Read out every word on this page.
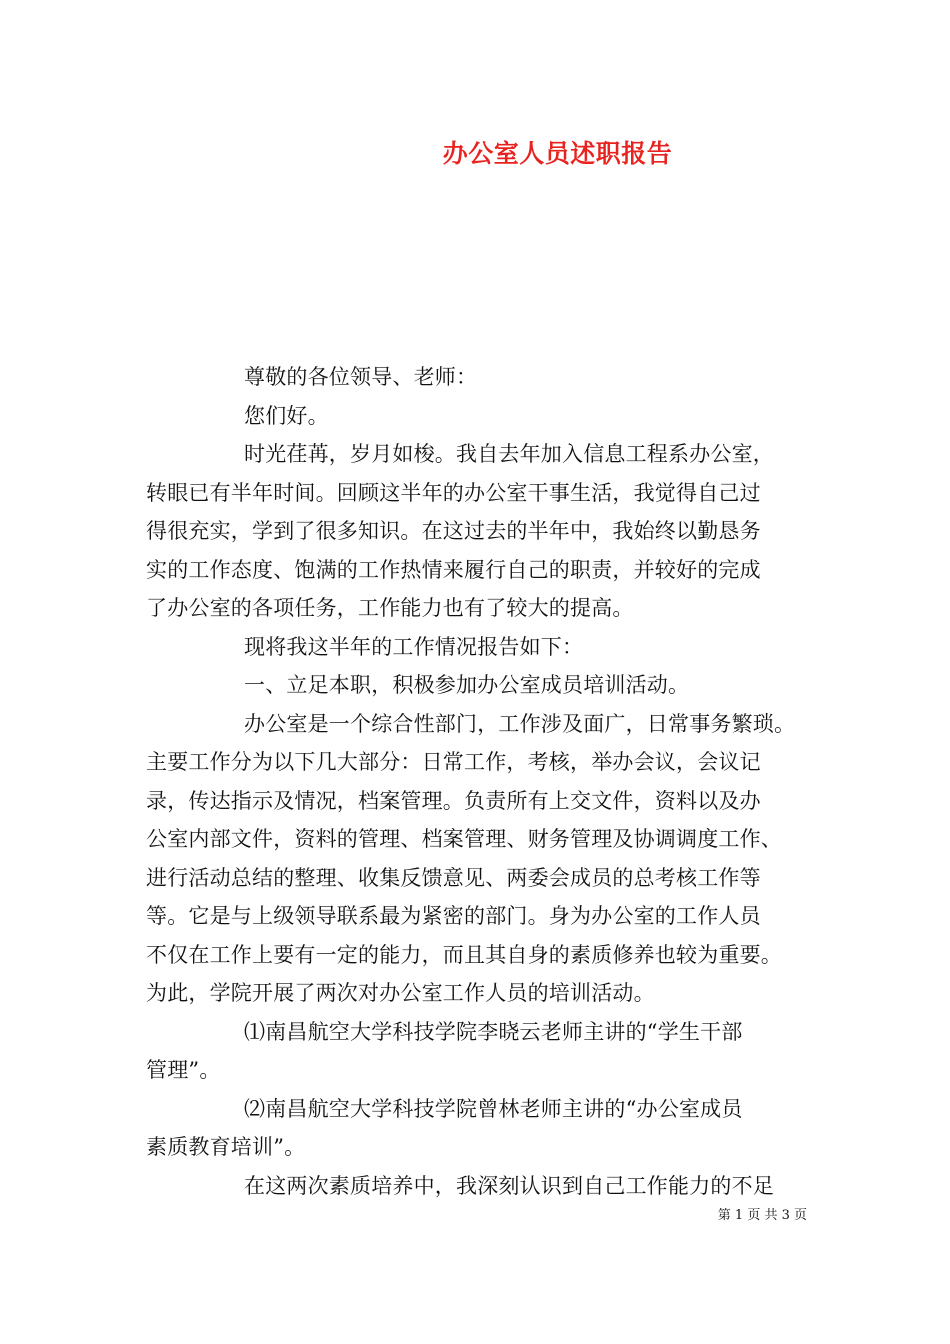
办公室人员述职报告
尊敬的各位领导、老师：
您们好。
时光荏苒，岁月如梭。我自去年加入信息工程系办公室，
转眼已有半年时间。回顾这半年的办公室干事生活，我觉得自己过
得很充实，学到了很多知识。在这过去的半年中，我始终以勤恳务
实的工作态度、饱满的工作热情来履行自己的职责，并较好的完成
了办公室的各项任务，工作能力也有了较大的提高。
现将我这半年的工作情况报告如下：
一、立足本职，积极参加办公室成员培训活动。
办公室是一个综合性部门，工作涉及面广，日常事务繁琐。
主要工作分为以下几大部分：日常工作，考核，举办会议，会议记
录，传达指示及情况，档案管理。负责所有上交文件，资料以及办
公室内部文件，资料的管理、档案管理、财务管理及协调调度工作、
进行活动总结的整理、收集反馈意见、两委会成员的总考核工作等
等。它是与上级领导联系最为紧密的部门。身为办公室的工作人员
不仅在工作上要有一定的能力，而且其自身的素质修养也较为重要。
为此，学院开展了两次对办公室工作人员的培训活动。
⑴南昌航空大学科技学院李晓云老师主讲的“学生干部
管理”。
⑵南昌航空大学科技学院曾林老师主讲的“办公室成员
素质教育培训”。
在这两次素质培养中，我深刻认识到自己工作能力的不足
第 1 页 共 3 页
